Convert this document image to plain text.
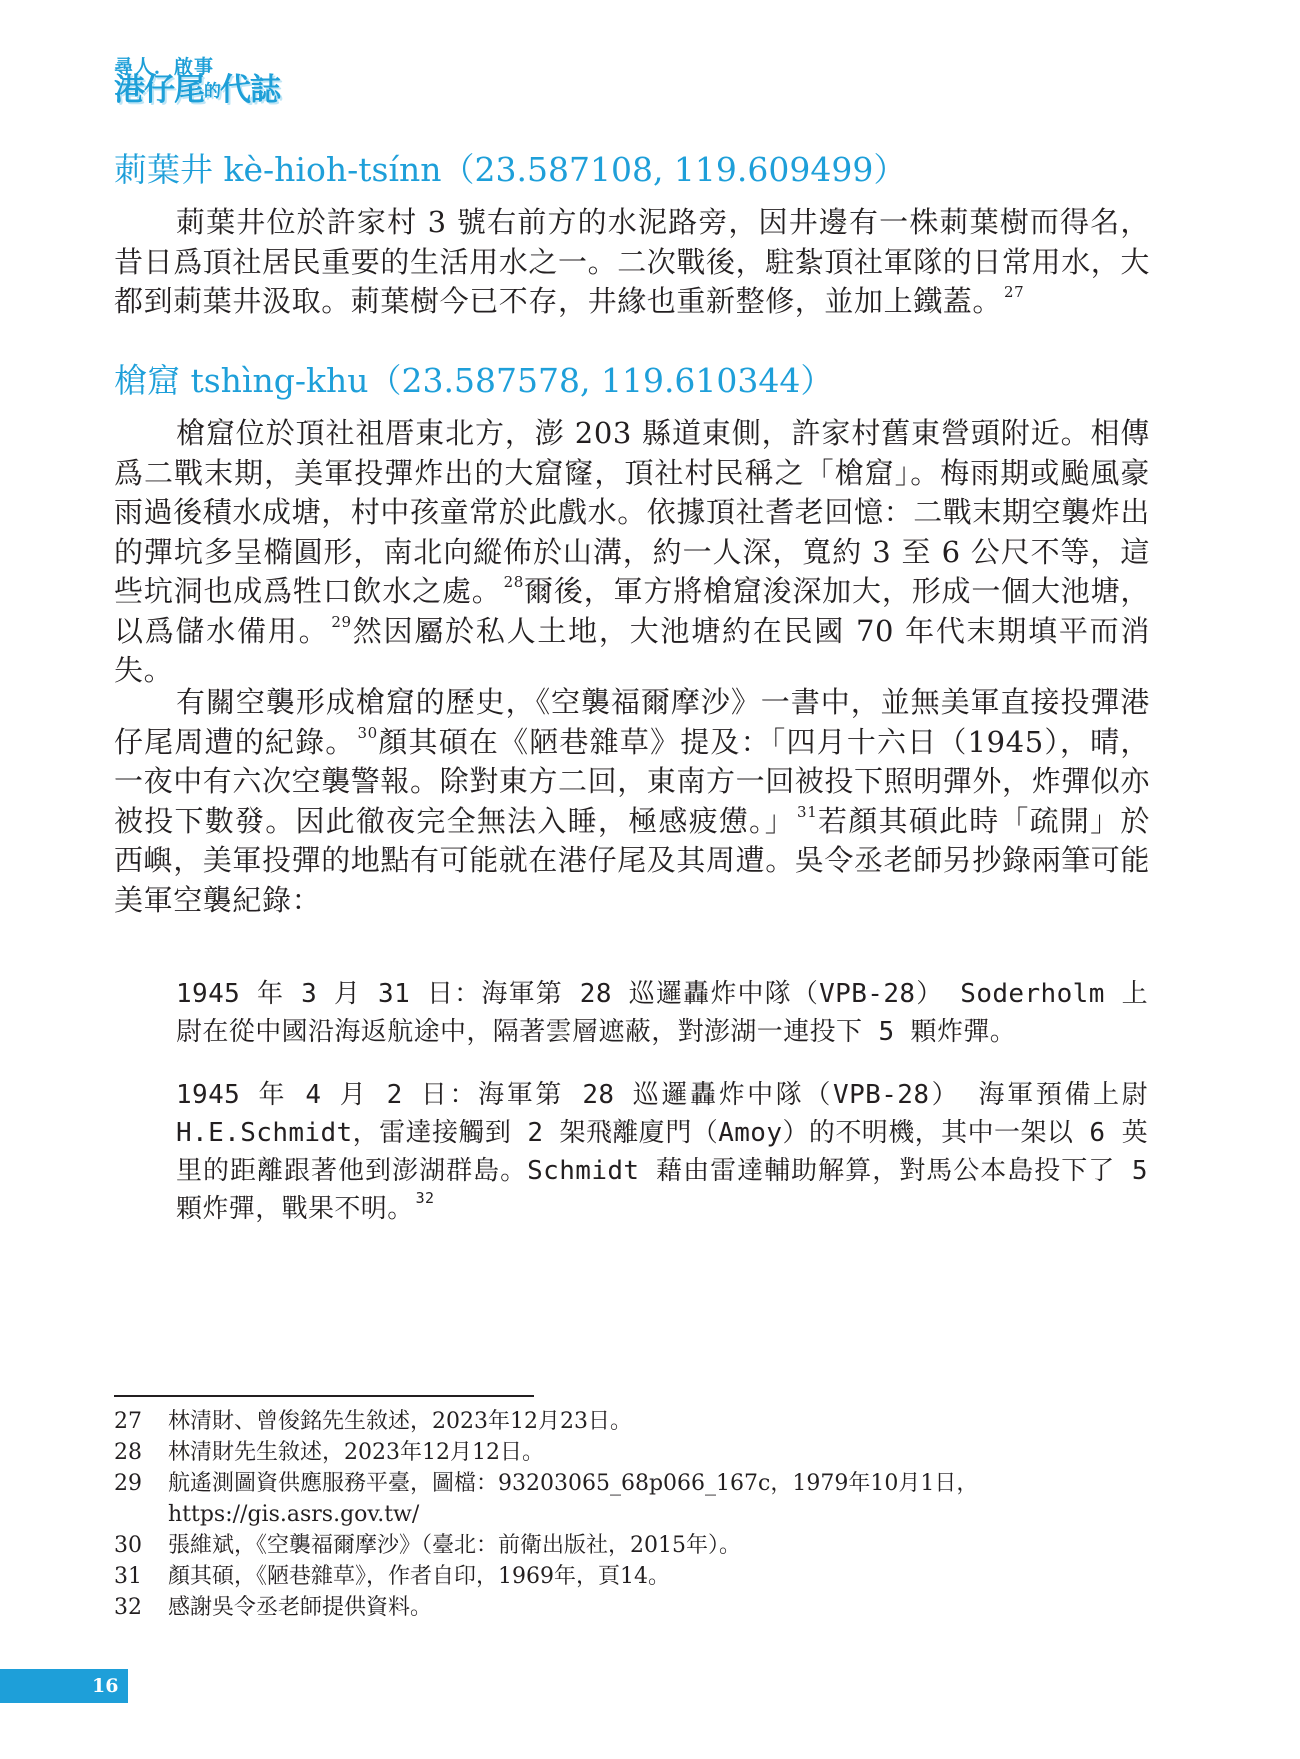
尋人．啟事
港仔尾的代誌
莿葉井 kè-hioh-tsínn（23.587108, 119.609499）

莿葉井位於許家村 3 號右前方的水泥路旁，因井邊有一株莿葉樹而得名，昔日爲頂社居民重要的生活用水之一。二次戰後，駐紮頂社軍隊的日常用水，大都到莿葉井汲取。莿葉樹今已不存，井緣也重新整修，並加上鐵蓋。 $^{27}$

槍窟 tshìng-khu（23.587578, 119.610344）

槍窟位於頂社祖厝東北方，澎 203 縣道東側，許家村舊東營頭附近。相傳爲二戰末期，美軍投彈炸出的大窟窿，頂社村民稱之「槍窟」。梅雨期或颱風豪雨過後積水成塘，村中孩童常於此戲水。依據頂社耆老回憶：二戰末期空襲炸出的彈坑多呈橢圓形，南北向縱佈於山溝，約一人深，寬約 3 至 6 公尺不等，這些坑洞也成爲牲口飲水之處。 $^{28}$爾後，軍方將槍窟浚深加大，形成一個大池塘，以爲儲水備用。 $^{29}$然因屬於私人土地，大池塘約在民國 70 年代末期填平而消失。

有關空襲形成槍窟的歷史，《空襲福爾摩沙》一書中，並無美軍直接投彈港仔尾周遭的紀錄。 $^{30}$顏其碩在《陋巷雜草》提及：「四月十六日（1945），晴，一夜中有六次空襲警報。除對東方二回，東南方一回被投下照明彈外，炸彈似亦被投下數發。因此徹夜完全無法入睡，極感疲憊。」 $^{31}$若顏其碩此時「疏開」於西嶼，美軍投彈的地點有可能就在港仔尾及其周遭。吳令丞老師另抄錄兩筆可能美軍空襲紀錄：

1945 年 3 月 31 日：海軍第 28 巡邏轟炸中隊（VPB-28） Soderholm 上尉在從中國沿海返航途中，隔著雲層遮蔽，對澎湖一連投下 5 顆炸彈。

1945 年 4 月 2 日：海軍第 28 巡邏轟炸中隊（VPB-28） 海軍預備上尉 H.E.Schmidt，雷達接觸到 2 架飛離廈門（Amoy）的不明機，其中一架以 6 英里的距離跟著他到澎湖群島。Schmidt 藉由雷達輔助解算，對馬公本島投下了 5 顆炸彈，戰果不明。 $^{32}$

27 林清財、曾俊銘先生敘述，2023年12月23日。
28 林清財先生敘述，2023年12月12日。
29 航遙測圖資供應服務平臺，圖檔：93203065_68p066_167c，1979年10月1日，https://gis.asrs.gov.tw/
30 張維斌，《空襲福爾摩沙》（臺北：前衛出版社，2015年）。
31 顏其碩，《陋巷雜草》，作者自印，1969年，頁14。
32 感謝吳令丞老師提供資料。
16
